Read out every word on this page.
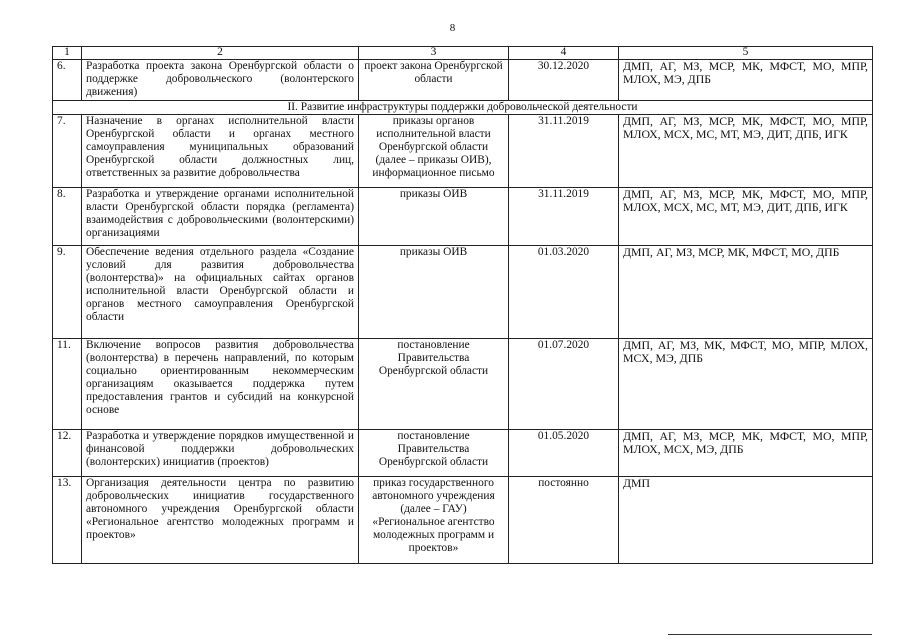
8
1	2	3	4	5
6.	Разработка проекта закона Оренбургской области о поддержке добровольческого (волонтерского движения)	проект закона Оренбургской области	30.12.2020	ДМП, АГ, МЗ, МСР, МК, МФСТ, МО, МПР, МЛОХ, МЭ, ДПБ
II. Развитие инфраструктуры поддержки добровольческой деятельности				
7.	Назначение в органах исполнительной власти Оренбургской области и органах местного самоуправления муниципальных образований Оренбургской области должностных лиц, ответственных за развитие добровольчества	приказы органов исполнительной власти Оренбургской области (далее – приказы ОИВ), информационное письмо	31.11.2019	ДМП, АГ, МЗ, МСР, МК, МФСТ, МО, МПР, МЛОХ, МСХ, МС, МТ, МЭ, ДИТ, ДПБ, ИГК
8.	Разработка и утверждение органами исполнительной власти Оренбургской области порядка (регламента) взаимодействия с добровольческими (волонтерскими) организациями	приказы ОИВ	31.11.2019	ДМП, АГ, МЗ, МСР, МК, МФСТ, МО, МПР, МЛОХ, МСХ, МС, МТ, МЭ, ДИТ, ДПБ, ИГК
9.	Обеспечение ведения отдельного раздела «Создание условий для развития добровольчества (волонтерства)» на официальных сайтах органов исполнительной власти Оренбургской области и органов местного самоуправления Оренбургской области	приказы ОИВ	01.03.2020	ДМП, АГ, МЗ, МСР, МК, МФСТ, МО, ДПБ
11.	Включение вопросов развития добровольчества (волонтерства) в перечень направлений, по которым социально ориентированным некоммерческим организациям оказывается поддержка путем предоставления грантов и субсидий на конкурсной основе	постановление Правительства Оренбургской области	01.07.2020	ДМП, АГ, МЗ, МК, МФСТ, МО, МПР, МЛОХ, МСХ, МЭ, ДПБ
12.	Разработка и утверждение порядков имущественной и финансовой поддержки добровольческих (волонтерских) инициатив (проектов)	постановление Правительства Оренбургской области	01.05.2020	ДМП, АГ, МЗ, МСР, МК, МФСТ, МО, МПР, МЛОХ, МСХ, МЭ, ДПБ
13.	Организация деятельности центра по развитию добровольческих инициатив государственного автономного учреждения Оренбургской области «Региональное агентство молодежных программ и проектов»	приказ государственного автономного учреждения (далее – ГАУ) «Региональное агентство молодежных программ и проектов»	постоянно	ДМП
